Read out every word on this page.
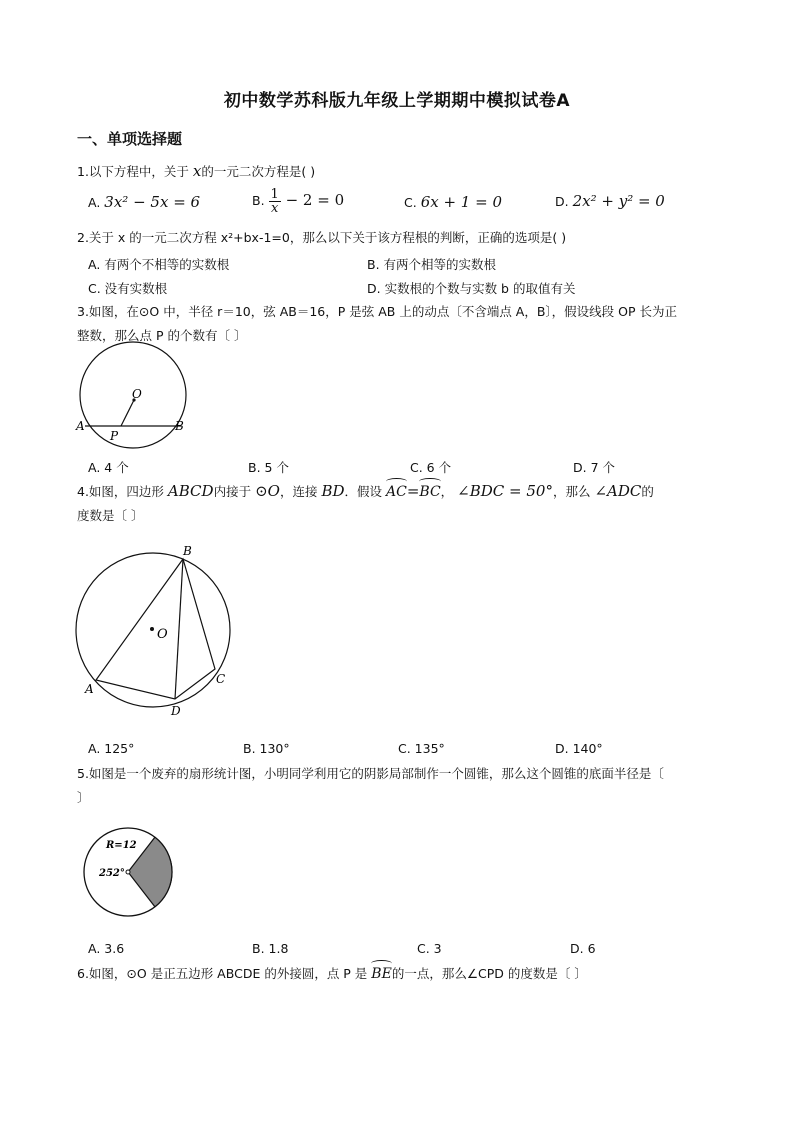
初中数学苏科版九年级上学期期中模拟试卷A
一、单项选择题
1.以下方程中，关于 x的一元二次方程是( )
A. 3x² − 5x = 6	B. $\frac{1}{x} - 2 = 0$	C. 6x + 1 = 0	D. 2x² + y² = 0
2.关于 x 的一元二次方程 x²+bx-1=0，那么以下关于该方程根的判断，正确的选项是( )
A. 有两个不相等的实数根	B. 有两个相等的实数根
C. 没有实数根	D. 实数根的个数与实数 b 的取值有关
3.如图，在⊙O 中，半径 r＝10，弦 AB＝16，P 是弦 AB 上的动点〔不含端点 A，B〕，假设线段 OP 长为正
整数，那么点 P 的个数有〔 〕
O
A	B
P
A. 4 个	B. 5 个	C. 6 个	D. 7 个
4.如图，四边形 ABCD内接于 ⊙O，连接 BD．假设 AC=BC， ∠BDC = 50°，那么 ∠ADC的
度数是〔 〕
O
B
C
D
A
A. 125°	B. 130°	C. 135°	D. 140°
5.如图是一个废弃的扇形统计图，小明同学利用它的阴影局部制作一个圆锥，那么这个圆锥的底面半径是〔
〕
R=12
252°
A. 3.6	B. 1.8	C. 3	D. 6
6.如图，⊙O 是正五边形 ABCDE 的外接圆，点 P 是 BE的一点，那么∠CPD 的度数是〔 〕
